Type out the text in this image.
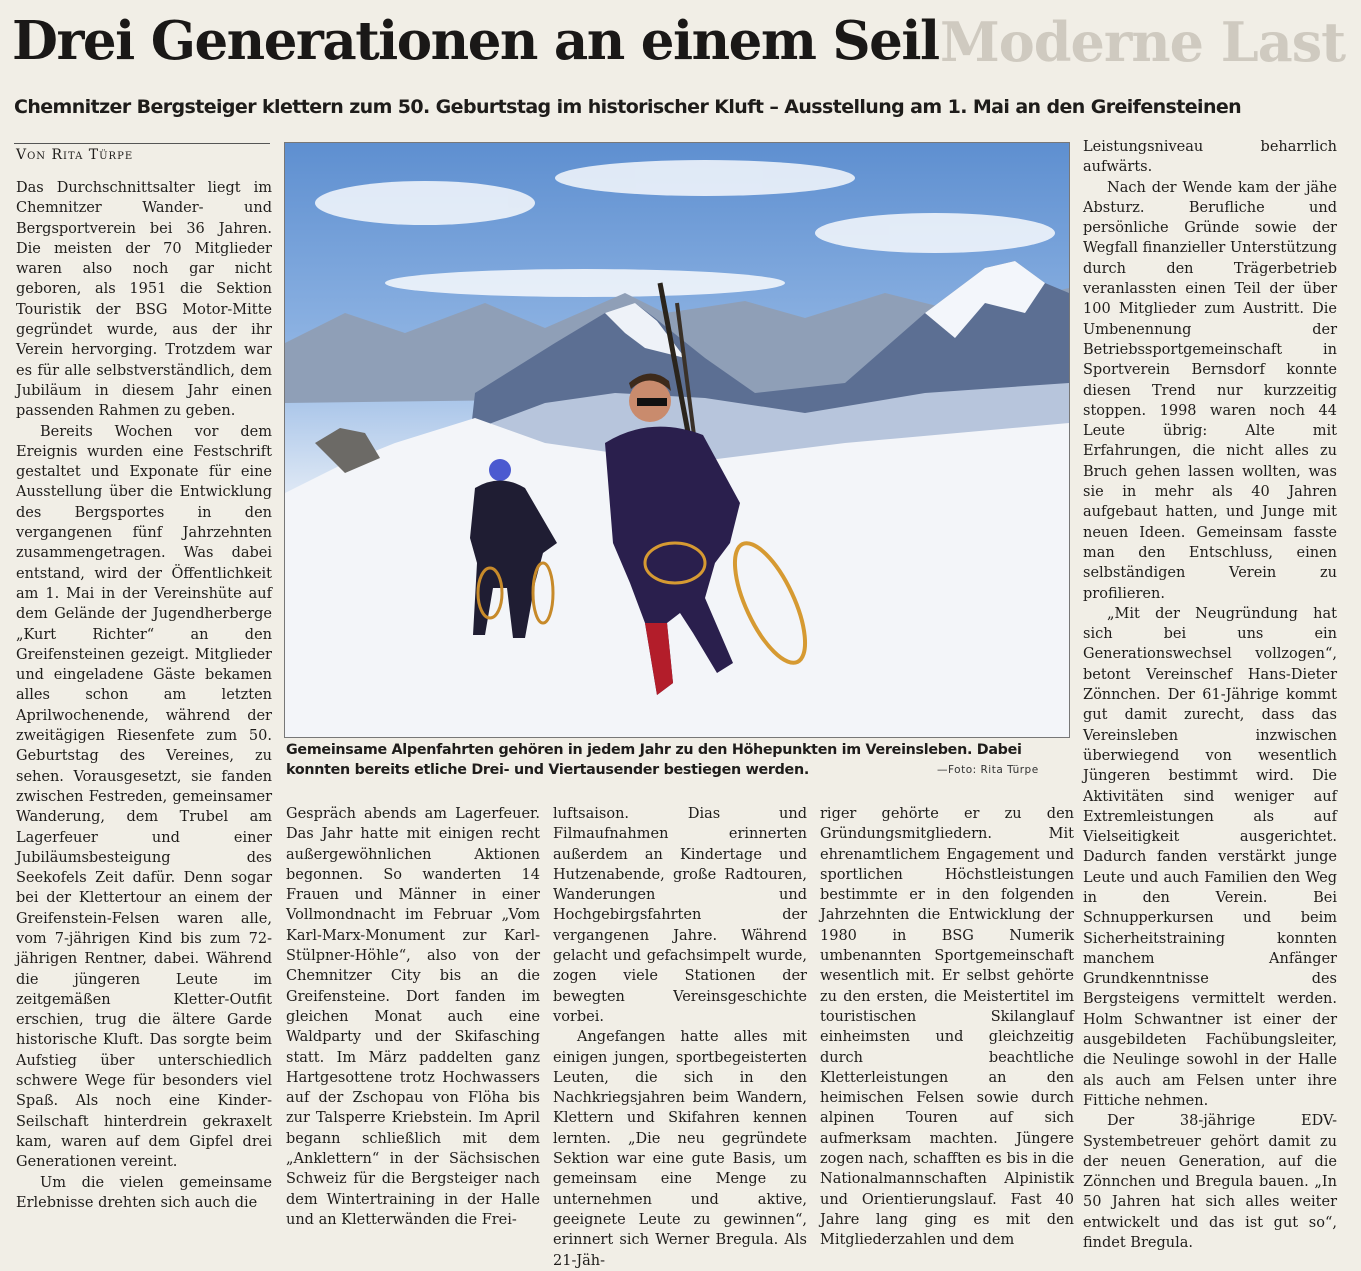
Moderne Last
Drei Generationen an einem Seil
Chemnitzer Bergsteiger klettern zum 50. Geburtstag im historischer Kluft – Ausstellung am 1. Mai an den Greifensteinen
Von Rita Türpe

Gemeinsame Alpenfahrten gehören in jedem Jahr zu den Höhepunkten im Vereinsleben. Dabei konnten bereits etliche Drei- und Viertausender bestiegen werden.	—Foto: Rita Türpe

Das Durchschnittsalter liegt im Chemnitzer Wander- und Bergsportverein bei 36 Jahren. Die meisten der 70 Mitglieder waren also noch gar nicht geboren, als 1951 die Sektion Touristik der BSG Motor-Mitte gegründet wurde, aus der ihr Verein hervorging. Trotzdem war es für alle selbstverständlich, dem Jubiläum in diesem Jahr einen passenden Rahmen zu geben.

Bereits Wochen vor dem Ereignis wurden eine Festschrift gestaltet und Exponate für eine Ausstellung über die Entwicklung des Bergsportes in den vergangenen fünf Jahrzehnten zusammengetragen. Was dabei entstand, wird der Öffentlichkeit am 1. Mai in der Vereinshüte auf dem Gelände der Jugendherberge „Kurt Richter“ an den Greifensteinen gezeigt. Mitglieder und eingeladene Gäste bekamen alles schon am letzten Aprilwochenende, während der zweitägigen Riesenfete zum 50. Geburtstag des Vereines, zu sehen. Vorausgesetzt, sie fanden zwischen Festreden, gemeinsamer Wanderung, dem Trubel am Lagerfeuer und einer Jubiläumsbesteigung des Seekofels Zeit dafür. Denn sogar bei der Klettertour an einem der Greifenstein-Felsen waren alle, vom 7-jährigen Kind bis zum 72-jährigen Rentner, dabei. Während die jüngeren Leute im zeitgemäßen Kletter-Outfit erschien, trug die ältere Garde historische Kluft. Das sorgte beim Aufstieg über unterschiedlich schwere Wege für besonders viel Spaß. Als noch eine Kinder-Seilschaft hinterdrein gekraxelt kam, waren auf dem Gipfel drei Generationen vereint.

Um die vielen gemeinsame Erlebnisse drehten sich auch die

Gespräch abends am Lagerfeuer. Das Jahr hatte mit einigen recht außergewöhnlichen Aktionen begonnen. So wanderten 14 Frauen und Männer in einer Vollmondnacht im Februar „Vom Karl-Marx-Monument zur Karl-Stülpner-Höhle“, also von der Chemnitzer City bis an die Greifensteine. Dort fanden im gleichen Monat auch eine Waldparty und der Skifasching statt. Im März paddelten ganz Hartgesottene trotz Hochwassers auf der Zschopau von Flöha bis zur Talsperre Kriebstein. Im April begann schließlich mit dem „Anklettern“ in der Sächsischen Schweiz für die Bergsteiger nach dem Wintertraining in der Halle und an Kletterwänden die Frei-

luftsaison. Dias und Filmaufnahmen erinnerten außerdem an Kindertage und Hutzenabende, große Radtouren, Wanderungen und Hochgebirgsfahrten der vergangenen Jahre. Während gelacht und gefachsimpelt wurde, zogen viele Stationen der bewegten Vereinsgeschichte vorbei.

Angefangen hatte alles mit einigen jungen, sportbegeisterten Leuten, die sich in den Nachkriegsjahren beim Wandern, Klettern und Skifahren kennen lernten. „Die neu gegründete Sektion war eine gute Basis, um gemeinsam eine Menge zu unternehmen und aktive, geeignete Leute zu gewinnen“, erinnert sich Werner Bregula. Als 21-Jäh-

riger gehörte er zu den Gründungsmitgliedern. Mit ehrenamtlichem Engagement und sportlichen Höchstleistungen bestimmte er in den folgenden Jahrzehnten die Entwicklung der 1980 in BSG Numerik umbenannten Sportgemeinschaft wesentlich mit. Er selbst gehörte zu den ersten, die Meistertitel im touristischen Skilanglauf einheimsten und gleichzeitig durch beachtliche Kletterleistungen an den heimischen Felsen sowie durch alpinen Touren auf sich aufmerksam machten. Jüngere zogen nach, schafften es bis in die Nationalmannschaften Alpinistik und Orientierungslauf. Fast 40 Jahre lang ging es mit den Mitgliederzahlen und dem

Leistungsniveau beharrlich aufwärts.

Nach der Wende kam der jähe Absturz. Berufliche und persönliche Gründe sowie der Wegfall finanzieller Unterstützung durch den Trägerbetrieb veranlassten einen Teil der über 100 Mitglieder zum Austritt. Die Umbenennung der Betriebssportgemeinschaft in Sportverein Bernsdorf konnte diesen Trend nur kurzzeitig stoppen. 1998 waren noch 44 Leute übrig: Alte mit Erfahrungen, die nicht alles zu Bruch gehen lassen wollten, was sie in mehr als 40 Jahren aufgebaut hatten, und Junge mit neuen Ideen. Gemeinsam fasste man den Entschluss, einen selbständigen Verein zu profilieren.

„Mit der Neugründung hat sich bei uns ein Generationswechsel vollzogen“, betont Vereinschef Hans-Dieter Zönnchen. Der 61-Jährige kommt gut damit zurecht, dass das Vereinsleben inzwischen überwiegend von wesentlich Jüngeren bestimmt wird. Die Aktivitäten sind weniger auf Extremleistungen als auf Vielseitigkeit ausgerichtet. Dadurch fanden verstärkt junge Leute und auch Familien den Weg in den Verein. Bei Schnupperkursen und beim Sicherheitstraining konnten manchem Anfänger Grundkenntnisse des Bergsteigens vermittelt werden. Holm Schwantner ist einer der ausgebildeten Fachübungsleiter, die Neulinge sowohl in der Halle als auch am Felsen unter ihre Fittiche nehmen.

Der 38-jährige EDV-Systembetreuer gehört damit zu der neuen Generation, auf die Zönnchen und Bregula bauen. „In 50 Jahren hat sich alles weiter entwickelt und das ist gut so“, findet Bregula.
